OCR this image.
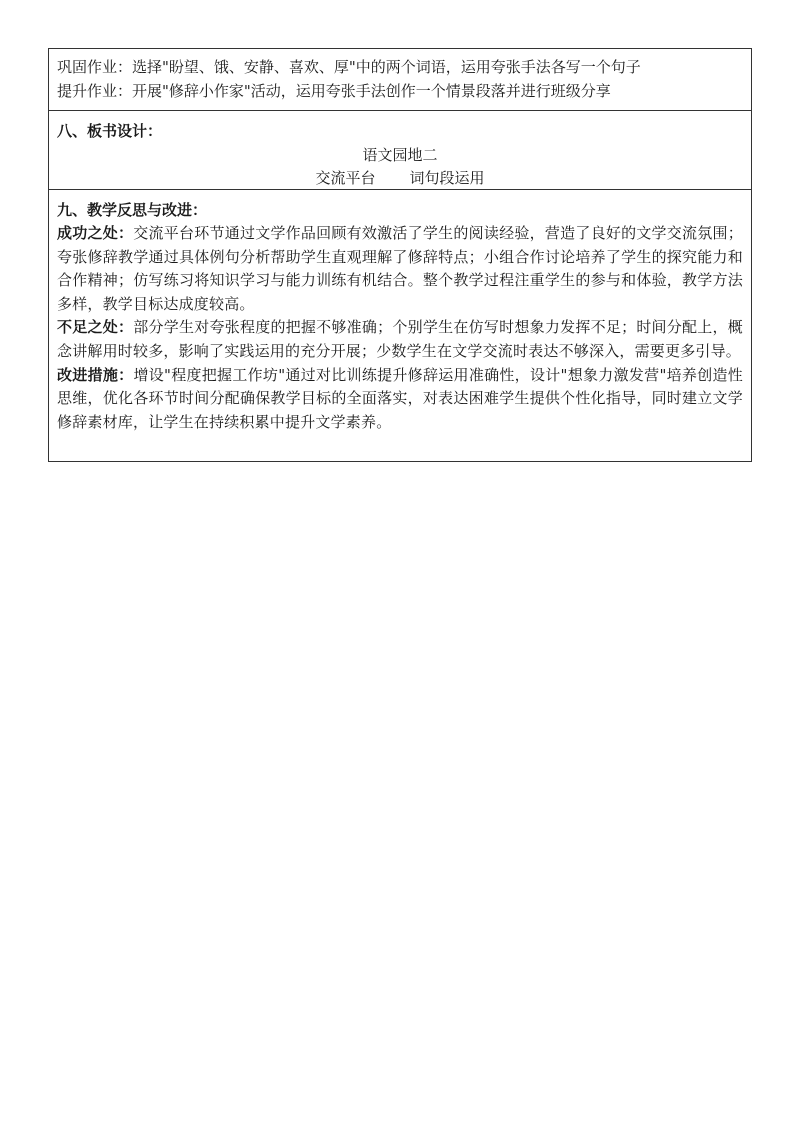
巩固作业：选择"盼望、饿、安静、喜欢、厚"中的两个词语，运用夸张手法各写一个句子
提升作业：开展"修辞小作家"活动，运用夸张手法创作一个情景段落并进行班级分享
八、板书设计：
语文园地二
交流平台 词句段运用
九、教学反思与改进：
成功之处：交流平台环节通过文学作品回顾有效激活了学生的阅读经验，营造了良好的文学交流氛围；夸张修辞教学通过具体例句分析帮助学生直观理解了修辞特点；小组合作讨论培养了学生的探究能力和合作精神；仿写练习将知识学习与能力训练有机结合。整个教学过程注重学生的参与和体验，教学方法多样，教学目标达成度较高。
不足之处：部分学生对夸张程度的把握不够准确；个别学生在仿写时想象力发挥不足；时间分配上，概念讲解用时较多，影响了实践运用的充分开展；少数学生在文学交流时表达不够深入，需要更多引导。
改进措施：增设"程度把握工作坊"通过对比训练提升修辞运用准确性，设计"想象力激发营"培养创造性思维，优化各环节时间分配确保教学目标的全面落实，对表达困难学生提供个性化指导，同时建立文学修辞素材库，让学生在持续积累中提升文学素养。
